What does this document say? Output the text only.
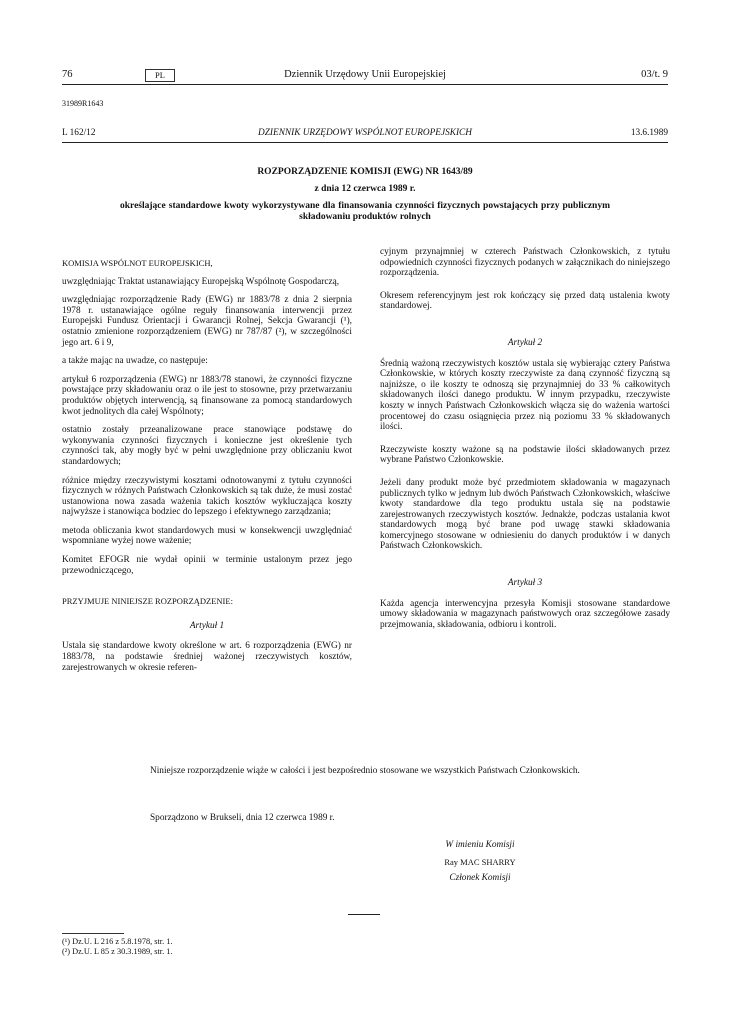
76	PL	Dziennik Urzędowy Unii Europejskiej	03/t. 9
31989R1643
L 162/12	DZIENNIK URZĘDOWY WSPÓLNOT EUROPEJSKICH	13.6.1989
ROZPORZĄDZENIE KOMISJI (EWG) NR 1643/89
z dnia 12 czerwca 1989 r.
określające standardowe kwoty wykorzystywane dla finansowania czynności fizycznych powstających przy publicznym składowaniu produktów rolnych

KOMISJA WSPÓLNOT EUROPEJSKICH,

uwzględniając Traktat ustanawiający Europejską Wspólnotę Gospodarczą,

uwzględniając rozporządzenie Rady (EWG) nr 1883/78 z dnia 2 sierpnia 1978 r. ustanawiające ogólne reguły finansowania interwencji przez Europejski Fundusz Orientacji i Gwarancji Rolnej, Sekcja Gwarancji (¹), ostatnio zmienione rozporządzeniem (EWG) nr 787/87 (²), w szczególności jego art. 6 i 9,

a także mając na uwadze, co następuje:

artykuł 6 rozporządzenia (EWG) nr 1883/78 stanowi, że czynności fizyczne powstające przy składowaniu oraz o ile jest to stosowne, przy przetwarzaniu produktów objętych interwencją, są finansowane za pomocą standardowych kwot jednolitych dla całej Wspólnoty;

ostatnio zostały przeanalizowane prace stanowiące podstawę do wykonywania czynności fizycznych i konieczne jest określenie tych czynności tak, aby mogły być w pełni uwzględnione przy obliczaniu kwot standardowych;

różnice między rzeczywistymi kosztami odnotowanymi z tytułu czynności fizycznych w różnych Państwach Członkowskich są tak duże, że musi zostać ustanowiona nowa zasada ważenia takich kosztów wykluczająca koszty najwyższe i stanowiąca bodziec do lepszego i efektywnego zarządzania;

metoda obliczania kwot standardowych musi w konsekwencji uwzględniać wspomniane wyżej nowe ważenie;

Komitet EFOGR nie wydał opinii w terminie ustalonym przez jego przewodniczącego,

PRZYJMUJE NINIEJSZE ROZPORZĄDZENIE:

Artykuł 1

Ustala się standardowe kwoty określone w art. 6 rozporządzenia (EWG) nr 1883/78, na podstawie średniej ważonej rzeczywistych kosztów, zarejestrowanych w okresie referen-

cyjnym przynajmniej w czterech Państwach Członkowskich, z tytułu odpowiednich czynności fizycznych podanych w załącznikach do niniejszego rozporządzenia.

Okresem referencyjnym jest rok kończący się przed datą ustalenia kwoty standardowej.

Artykuł 2

Średnią ważoną rzeczywistych kosztów ustala się wybierając cztery Państwa Członkowskie, w których koszty rzeczywiste za daną czynność fizyczną są najniższe, o ile koszty te odnoszą się przynajmniej do 33 % całkowitych składowanych ilości danego produktu. W innym przypadku, rzeczywiste koszty w innych Państwach Członkowskich włącza się do ważenia wartości procentowej do czasu osiągnięcia przez nią poziomu 33 % składowanych ilości.

Rzeczywiste koszty ważone są na podstawie ilości składowanych przez wybrane Państwo Członkowskie.

Jeżeli dany produkt może być przedmiotem składowania w magazynach publicznych tylko w jednym lub dwóch Państwach Członkowskich, właściwe kwoty standardowe dla tego produktu ustala się na podstawie zarejestrowanych rzeczywistych kosztów. Jednakże, podczas ustalania kwot standardowych mogą być brane pod uwagę stawki składowania komercyjnego stosowane w odniesieniu do danych produktów i w danych Państwach Członkowskich.

Artykuł 3

Każda agencja interwencyjna przesyła Komisji stosowane standardowe umowy składowania w magazynach państwowych oraz szczegółowe zasady przejmowania, składowania, odbioru i kontroli.

Niniejsze rozporządzenie wiąże w całości i jest bezpośrednio stosowane we wszystkich Państwach Członkowskich.
Sporządzono w Brukseli, dnia 12 czerwca 1989 r.
W imieniu Komisji
Ray MAC SHARRY
Członek Komisji

(¹) Dz.U. L 216 z 5.8.1978, str. 1.

(²) Dz.U. L 85 z 30.3.1989, str. 1.
